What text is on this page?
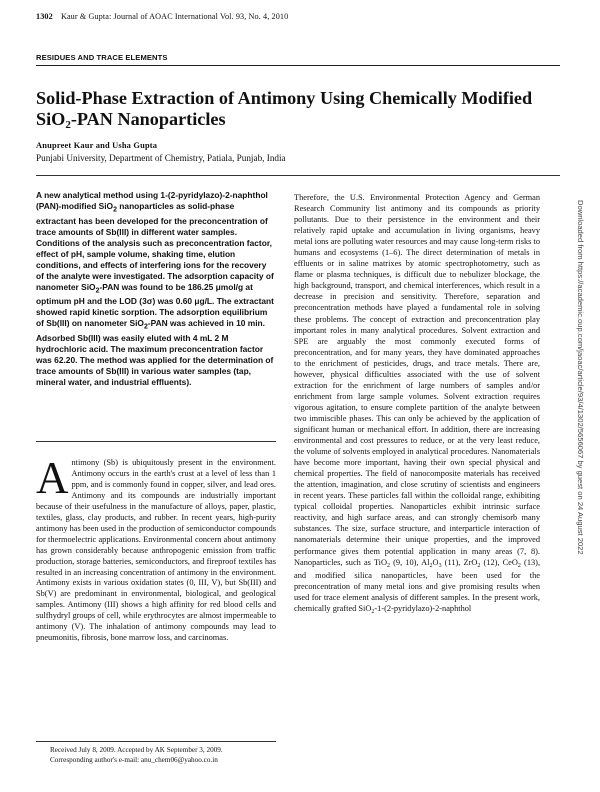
1302 Kaur & Gupta: Journal of AOAC International Vol. 93, No. 4, 2010
RESIDUES AND TRACE ELEMENTS
Solid-Phase Extraction of Antimony Using Chemically Modified
SiO$_2$-PAN Nanoparticles
Anupreet Kaur and Usha Gupta
Punjabi University, Department of Chemistry, Patiala, Punjab, India

A new analytical method using 1-(2-pyridylazo)-2-naphthol (PAN)-modified SiO$_2$ nanoparticles as solid-phase extractant has been developed for the preconcentration of trace amounts of Sb(III) in different water samples. Conditions of the analysis such as preconcentration factor, effect of pH, sample volume, shaking time, elution conditions, and effects of interfering ions for the recovery of the analyte were investigated. The adsorption capacity of nanometer SiO$_2$-PAN was found to be 186.25 μmol/g at optimum pH and the LOD (3σ) was 0.60 μg/L. The extractant showed rapid kinetic sorption. The adsorption equilibrium of Sb(III) on nanometer SiO$_2$-PAN was achieved in 10 min. Adsorbed Sb(III) was easily eluted with 4 mL 2 M hydrochloric acid. The maximum preconcentration factor was 62.20. The method was applied for the determination of trace amounts of Sb(III) in various water samples (tap, mineral water, and industrial effluents).

Antimony (Sb) is ubiquitously present in the environment. Antimony occurs in the earth's crust at a level of less than 1 ppm, and is commonly found in copper, silver, and lead ores. Antimony and its compounds are industrially important because of their usefulness in the manufacture of alloys, paper, plastic, textiles, glass, clay products, and rubber. In recent years, high-purity antimony has been used in the production of semiconductor compounds for thermoelectric applications. Environmental concern about antimony has grown considerably because anthropogenic emission from traffic production, storage batteries, semiconductors, and fireproof textiles has resulted in an increasing concentration of antimony in the environment. Antimony exists in various oxidation states (0, III, V), but Sb(III) and Sb(V) are predominant in environmental, biological, and geological samples. Antimony (III) shows a high affinity for red blood cells and sulfhydryl groups of cell, while erythrocytes are almost impermeable to antimony (V). The inhalation of antimony compounds may lead to pneumonitis, fibrosis, bone marrow loss, and carcinomas.

Therefore, the U.S. Environmental Protection Agency and German Research Community list antimony and its compounds as priority pollutants. Due to their persistence in the environment and their relatively rapid uptake and accumulation in living organisms, heavy metal ions are polluting water resources and may cause long-term risks to humans and ecosystems (1–6). The direct determination of metals in effluents or in saline matrixes by atomic spectrophotometry, such as flame or plasma techniques, is difficult due to nebulizer blockage, the high background, transport, and chemical interferences, which result in a decrease in precision and sensitivity. Therefore, separation and preconcentration methods have played a fundamental role in solving these problems. The concept of extraction and preconcentration play important roles in many analytical procedures. Solvent extraction and SPE are arguably the most commonly executed forms of preconcentration, and for many years, they have dominated approaches to the enrichment of pesticides, drugs, and trace metals. There are, however, physical difficulties associated with the use of solvent extraction for the enrichment of large numbers of samples and/or enrichment from large sample volumes. Solvent extraction requires vigorous agitation, to ensure complete partition of the analyte between two immiscible phases. This can only be achieved by the application of significant human or mechanical effort. In addition, there are increasing environmental and cost pressures to reduce, or at the very least reduce, the volume of solvents employed in analytical procedures. Nanomaterials have become more important, having their own special physical and chemical properties. The field of nanocomposite materials has received the attention, imagination, and close scrutiny of scientists and engineers in recent years. These particles fall within the colloidal range, exhibiting typical colloidal properties. Nanoparticles exhibit intrinsic surface reactivity, and high surface areas, and can strongly chemisorb many substances. The size, surface structure, and interparticle interaction of nanomaterials determine their unique properties, and the improved performance gives them potential application in many areas (7, 8). Nanoparticles, such as TiO$_2$ (9, 10), $Al_2O_3$ (11), ZrO$_2$ (12), CeO$_2$ (13), and modified silica nanoparticles, have been used for the preconcentration of many metal ions and give promising results when used for trace element analysis of different samples. In the present work, chemically grafted SiO$_2$-1-(2-pyridylazo)-2-naphthol

Received July 8, 2009. Accepted by AK September 3, 2009.
Corresponding author's e-mail: anu_chem06@yahoo.co.in
Downloaded from https://academic.oup.com/jaoac/article/93/4/1302/5656067 by guest on 24 August 2022
